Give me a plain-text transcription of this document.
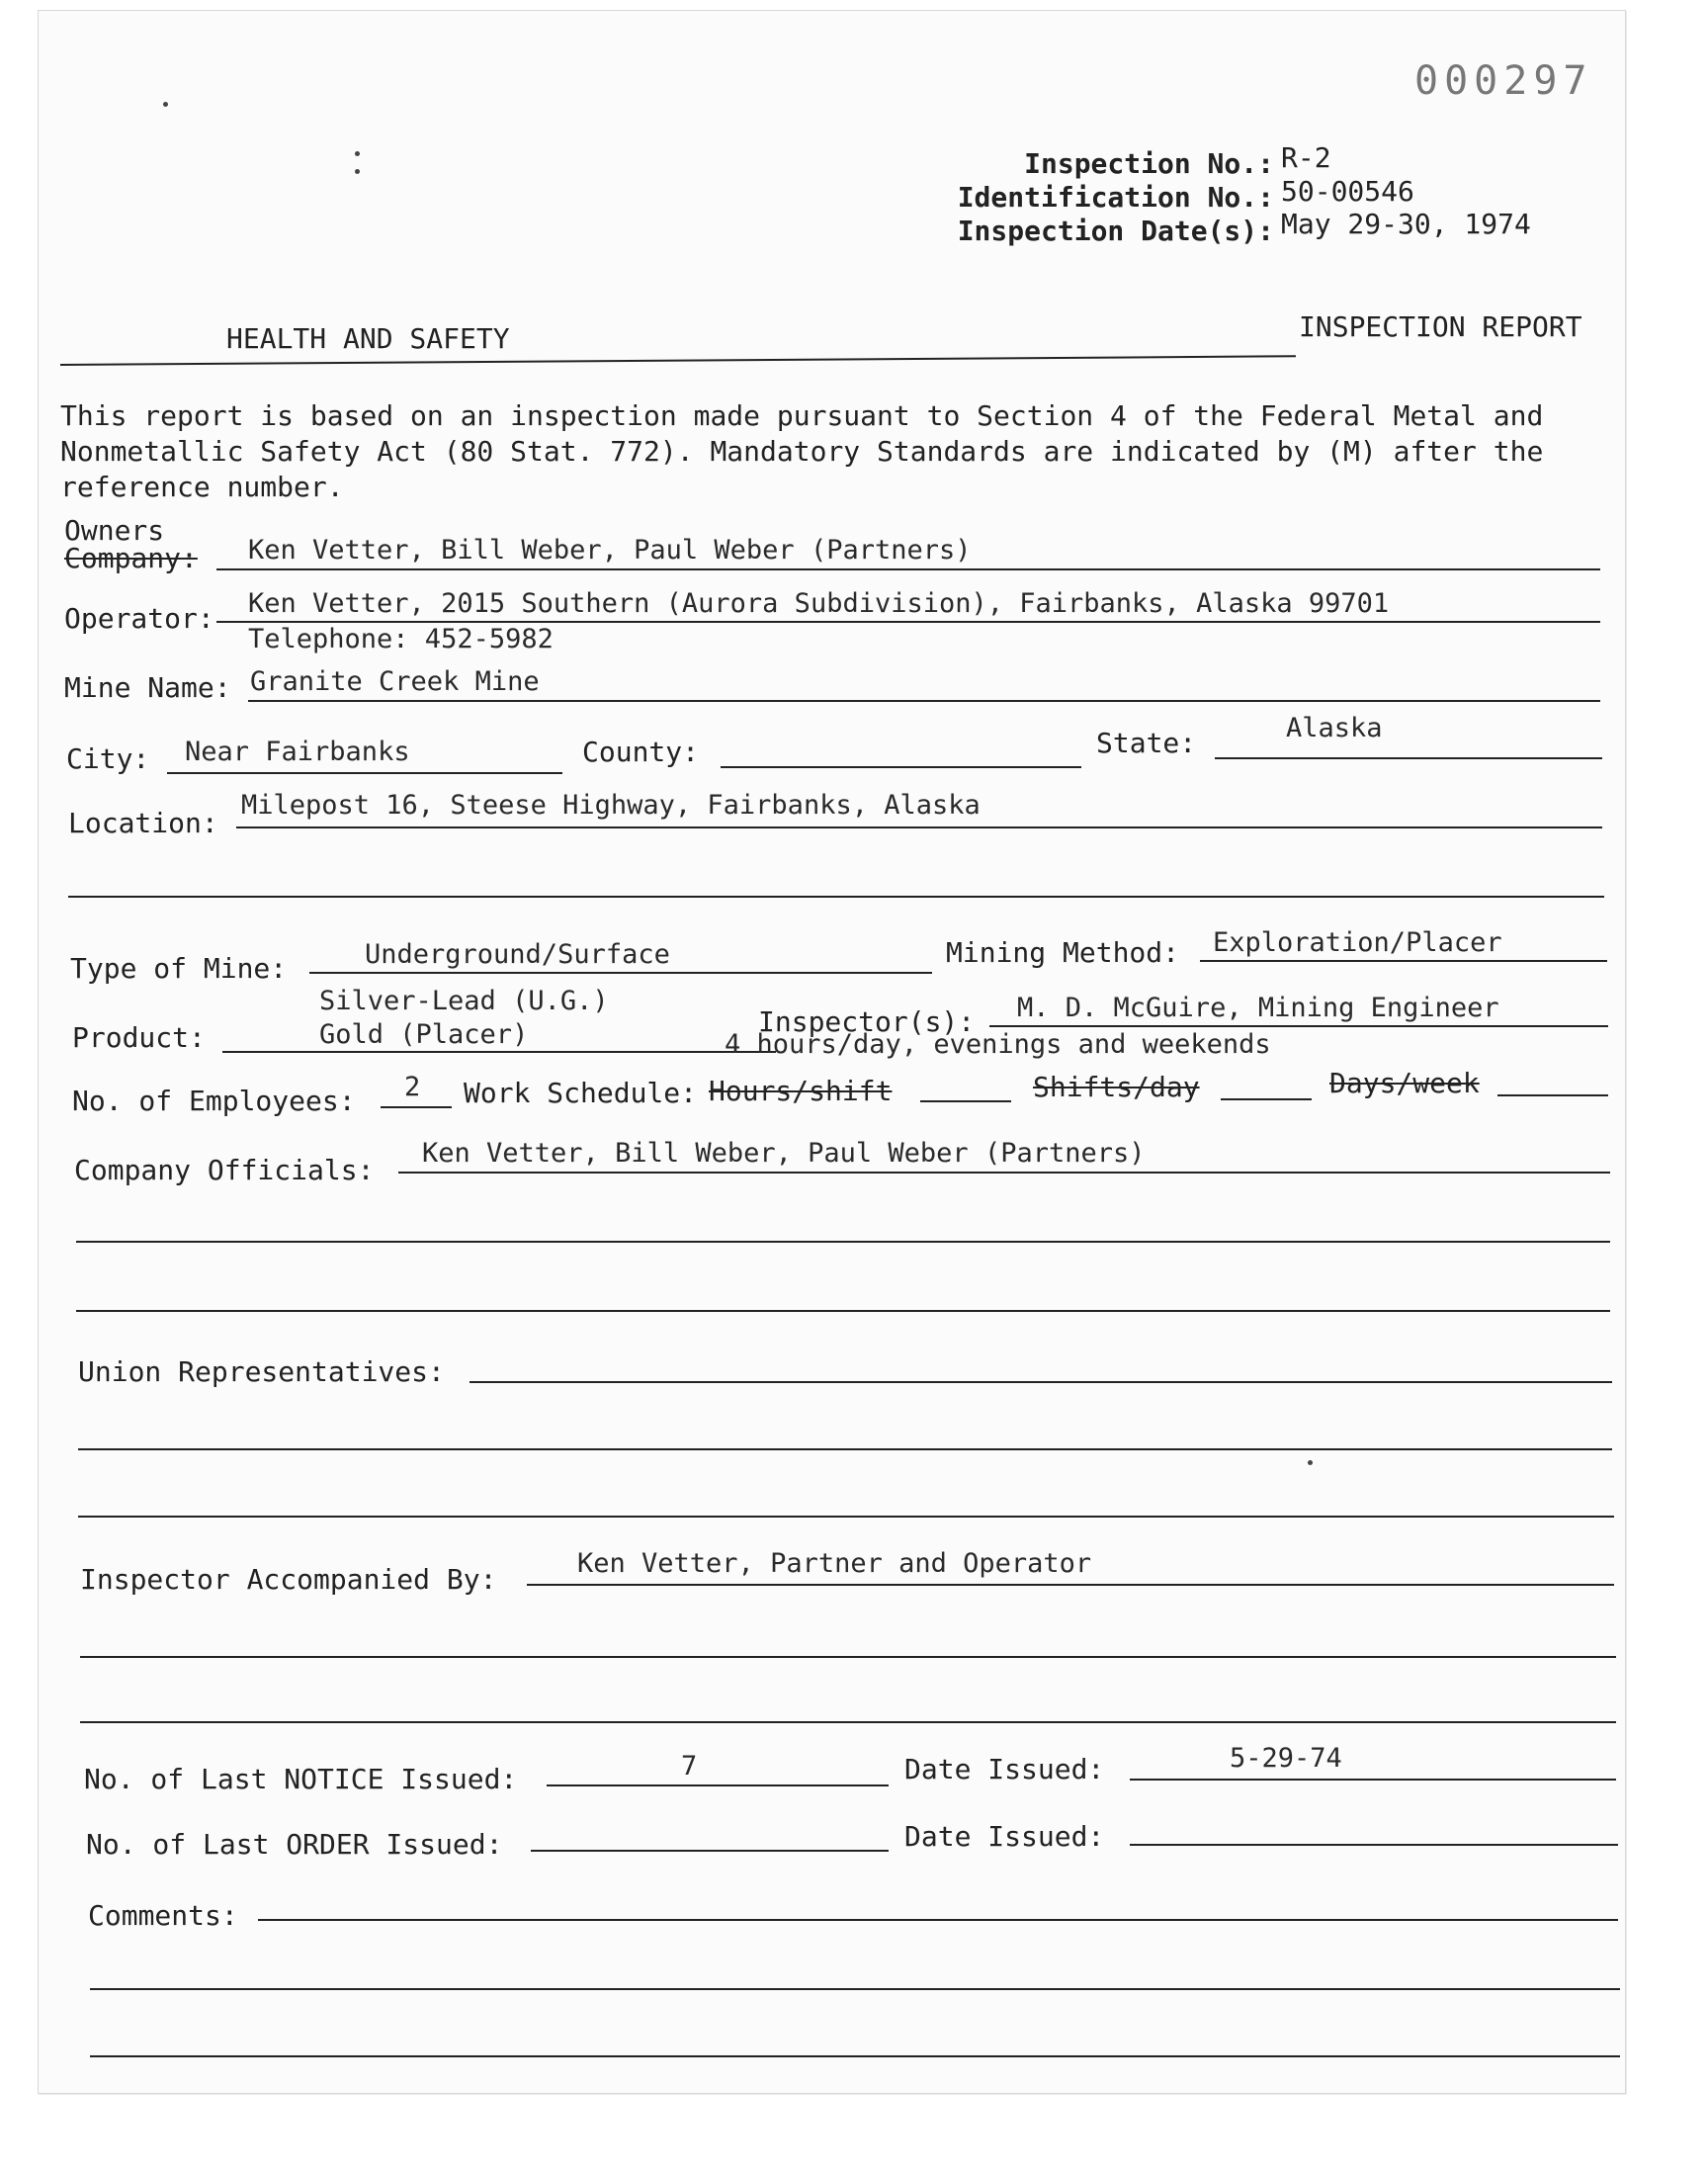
000297
Inspection No.: R-2
Identification No.: 50-00546
Inspection Date(s): May 29-30, 1974
HEALTH AND SAFETY	INSPECTION REPORT
This report is based on an inspection made pursuant to Section 4 of the Federal Metal and
Nonmetallic Safety Act (80 Stat. 772). Mandatory Standards are indicated by (M) after the
reference number.
Owners
Company: Ken Vetter, Bill Weber, Paul Weber (Partners)
Operator: Ken Vetter, 2015 Southern (Aurora Subdivision), Fairbanks, Alaska 99701
Telephone: 452-5982
Mine Name: Granite Creek Mine
City: Near Fairbanks	County:	State:	Alaska
Location:
Milepost 16, Steese Highway, Fairbanks, Alaska
Type of Mine:	Underground/Surface	Mining Method: Exploration/Placer
Silver-Lead (U.G.)
Product:	Gold (Placer)	Inspector(s): M. D. McGuire, Mining Engineer
4 hours/day, evenings and weekends
No. of Employees: 2 Work Schedule: Hours/shift	Shifts/day	Days/week
Company Officials:
Ken Vetter, Bill Weber, Paul Weber (Partners)
Union Representatives:
Inspector Accompanied By:	Ken Vetter, Partner and Operator
No. of Last NOTICE Issued:	7	Date Issued:	5-29-74
No. of Last ORDER Issued:	Date Issued:
Comments:
